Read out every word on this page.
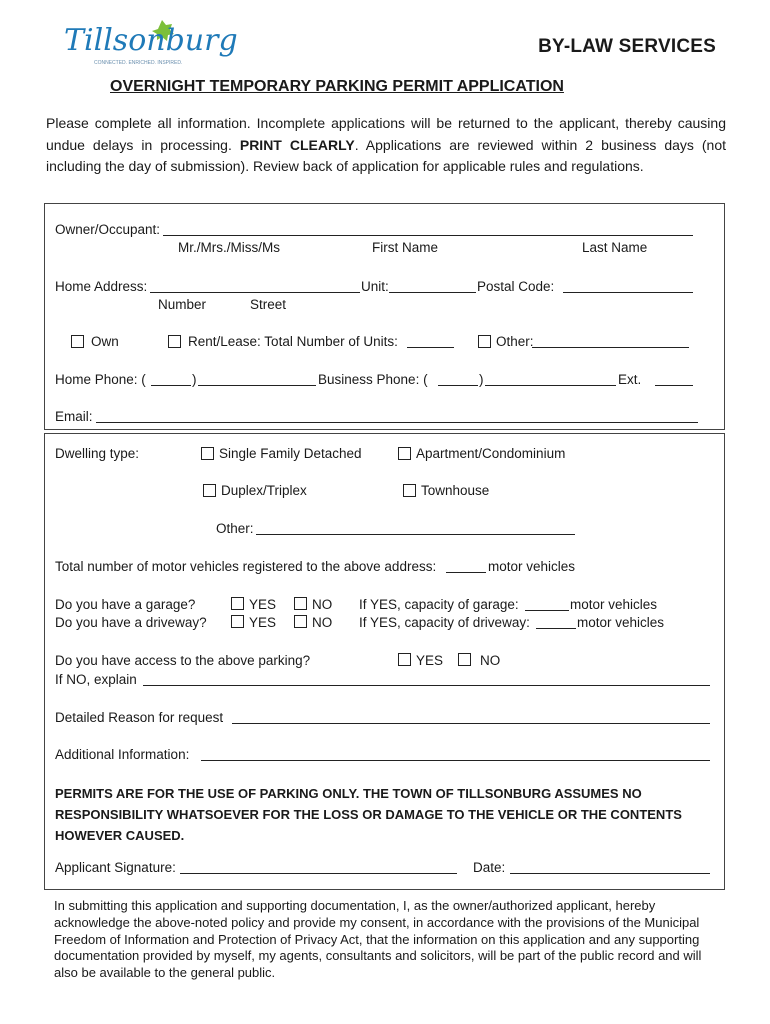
Tillsonburg
CONNECTED. ENRICHED. INSPIRED.
BY-LAW SERVICES
OVERNIGHT TEMPORARY PARKING PERMIT APPLICATION
Please complete all information. Incomplete applications will be returned to the applicant, thereby causing undue delays in processing. PRINT CLEARLY. Applications are reviewed within 2 business days (not including the day of submission). Review back of application for applicable rules and regulations.
Owner/Occupant:
Mr./Mrs./Miss/Ms	First Name	Last Name
Home Address:	Unit:	Postal Code:
Number	Street
Own	Rent/Lease: Total Number of Units:	Other:
Home Phone: (	)	Business Phone: (	)	Ext.
Email:
Dwelling type:	Single Family Detached	Apartment/Condominium
Duplex/Triplex	Townhouse
Other:
Total number of motor vehicles registered to the above address:	motor vehicles
Do you have a garage?	YES	NO If YES, capacity of garage:	motor vehicles
Do you have a driveway?	YES	NO If YES, capacity of driveway:	motor vehicles
Do you have access to the above parking?	YES	NO
If NO, explain
Detailed Reason for request
Additional Information:
PERMITS ARE FOR THE USE OF PARKING ONLY. THE TOWN OF TILLSONBURG ASSUMES NO RESPONSIBILITY WHATSOEVER FOR THE LOSS OR DAMAGE TO THE VEHICLE OR THE CONTENTS HOWEVER CAUSED.
Applicant Signature:	Date:
In submitting this application and supporting documentation, I, as the owner/authorized applicant, hereby acknowledge the above-noted policy and provide my consent, in accordance with the provisions of the Municipal Freedom of Information and Protection of Privacy Act, that the information on this application and any supporting documentation provided by myself, my agents, consultants and solicitors, will be part of the public record and will also be available to the general public.
